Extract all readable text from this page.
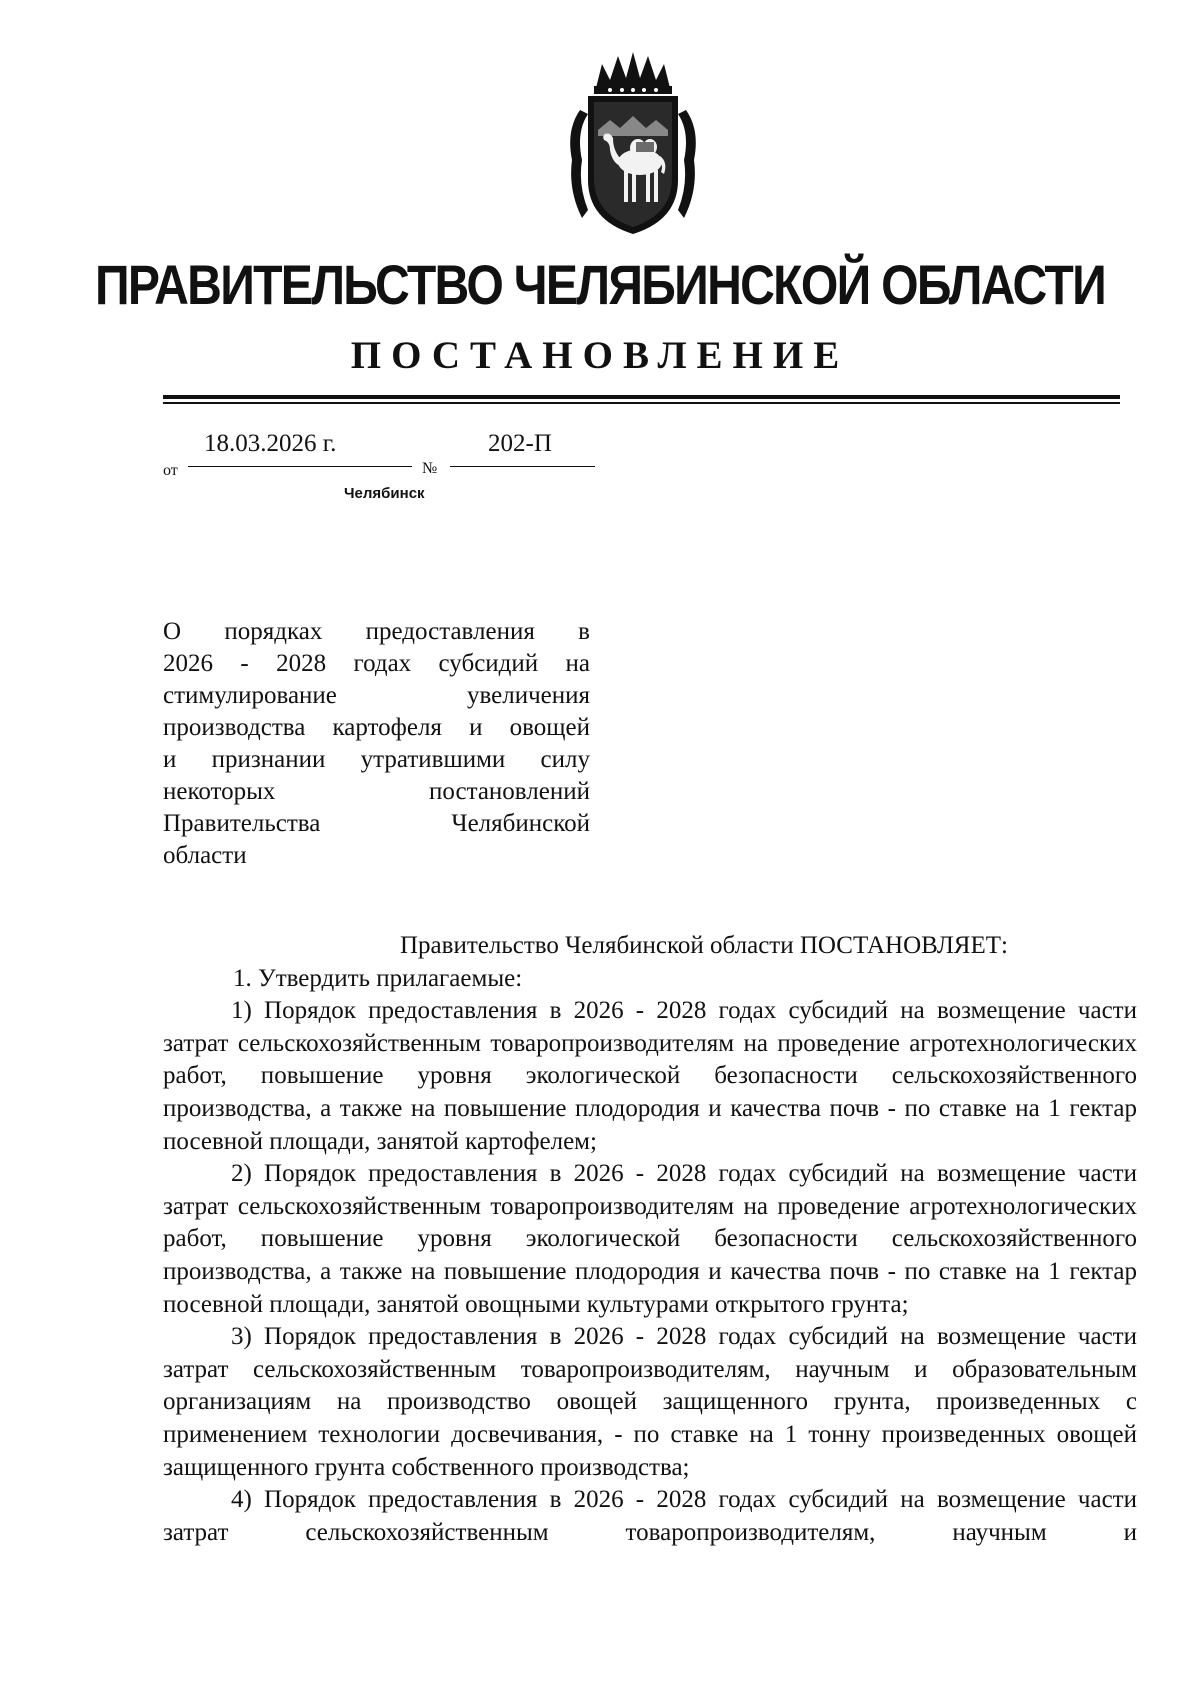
ПРАВИТЕЛЬСТВО ЧЕЛЯБИНСКОЙ ОБЛАСТИ
ПОСТАНОВЛЕНИЕ
от
18.03.2026 г.
№
202-П
Челябинск
О порядках предоставления в
2026 - 2028 годах субсидий на
стимулирование увеличения
производства картофеля и овощей
и признании утратившими силу
некоторых постановлений
Правительства Челябинской
области
Правительство Челябинской области ПОСТАНОВЛЯЕТ:

1. Утвердить прилагаемые:

1) Порядок предоставления в 2026 - 2028 годах субсидий на возмещение части затрат сельскохозяйственным товаропроизводителям на проведение агротехнологических работ, повышение уровня экологической безопасности сельскохозяйственного производства, а также на повышение плодородия и качества почв - по ставке на 1 гектар посевной площади, занятой картофелем;

2) Порядок предоставления в 2026 - 2028 годах субсидий на возмещение части затрат сельскохозяйственным товаропроизводителям на проведение агротехнологических работ, повышение уровня экологической безопасности сельскохозяйственного производства, а также на повышение плодородия и качества почв - по ставке на 1 гектар посевной площади, занятой овощными культурами открытого грунта;

3) Порядок предоставления в 2026 - 2028 годах субсидий на возмещение части затрат сельскохозяйственным товаропроизводителям, научным и образовательным организациям на производство овощей защищенного грунта, произведенных с применением технологии досвечивания, - по ставке на 1 тонну произведенных овощей защищенного грунта собственного производства;

4) Порядок предоставления в 2026 - 2028 годах субсидий на возмещение части затрат сельскохозяйственным товаропроизводителям, научным и
